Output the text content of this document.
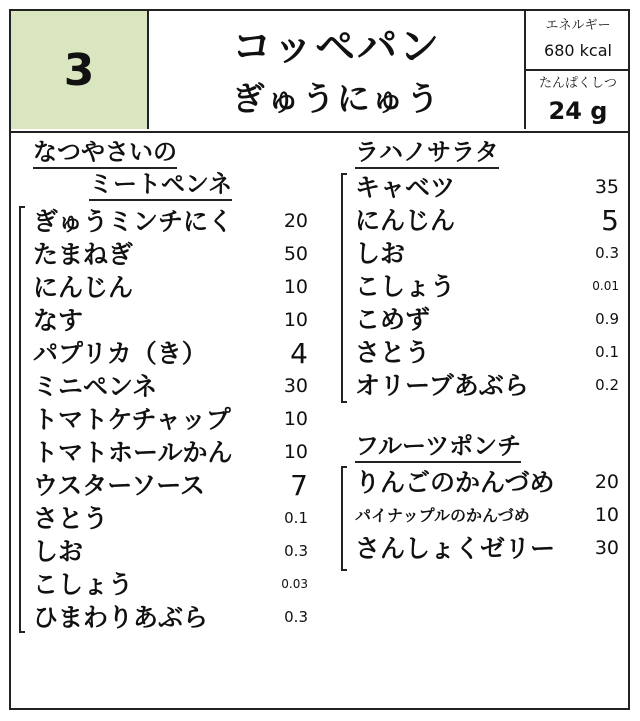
3	コッペパン
ぎゅうにゅう
エネルギー
680 kcal
たんぱくしつ
24 g
なつやさいの
ミートペンネ
ぎゅうミンチにく	20
たまねぎ	50
にんじん	10
なす	10
パプリカ（き）	4
ミニペンネ	30
トマトケチャップ	10
トマトホールかん	10
ウスターソース	7
さとう	0.1
しお	0.3
こしょう	0.03
ひまわりあぶら	0.3
ラハノサラタ
キャベツ	35
にんじん	5
しお	0.3
こしょう	0.01
こめず	0.9
さとう	0.1
オリーブあぶら	0.2
フルーツポンチ
りんごのかんづめ 20
パイナップルのかんづめ	10
さんしょくゼリー 30
